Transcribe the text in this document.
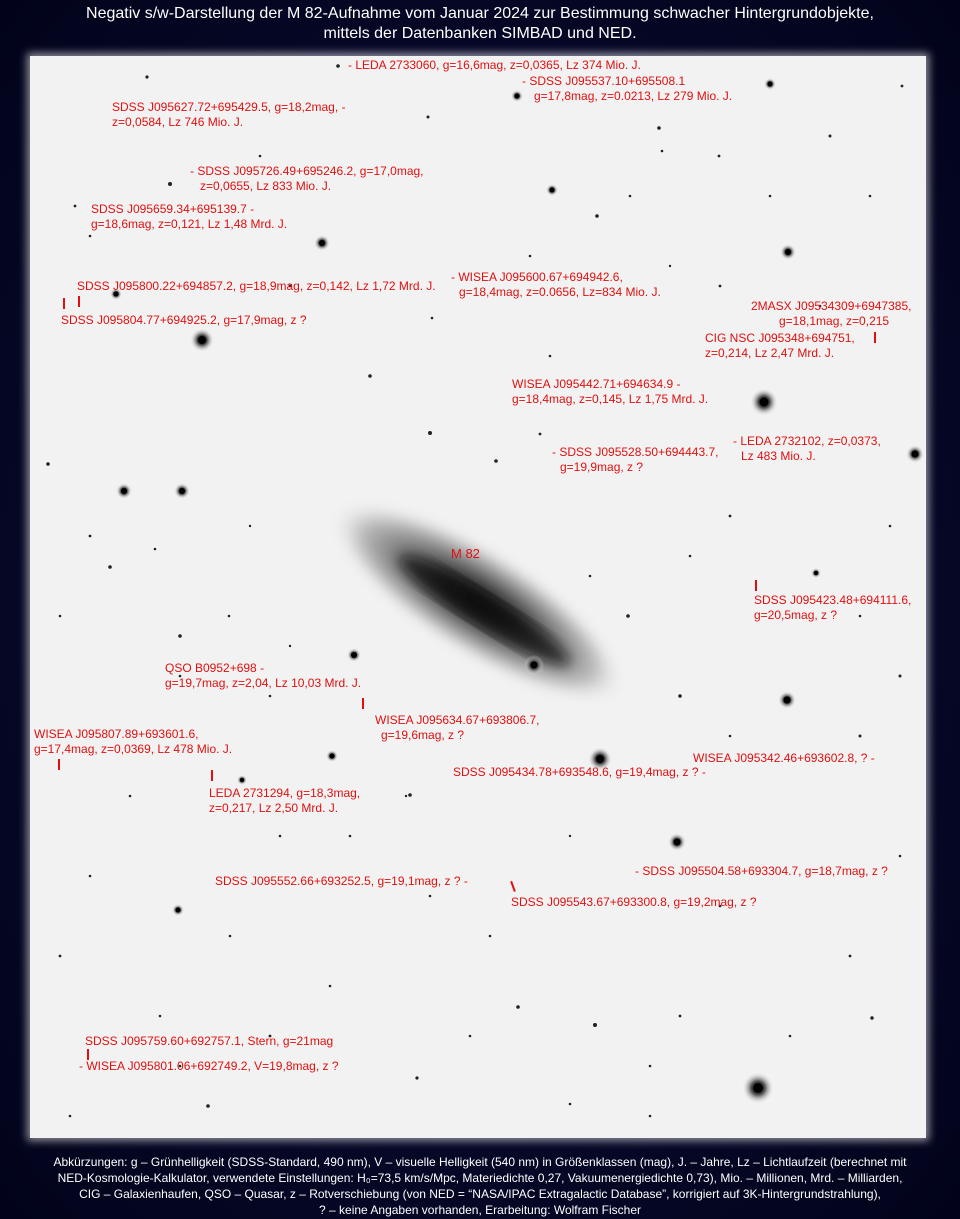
Negativ s/w-Darstellung der M 82-Aufnahme vom Januar 2024 zur Bestimmung schwacher Hintergrundobjekte,
mittels der Datenbanken SIMBAD und NED.
- LEDA 2733060, g=16,6mag, z=0,0365, Lz 374 Mio. J.
- SDSS J095537.10+695508.1
g=17,8mag, z=0.0213, Lz 279 Mio. J.
SDSS J095627.72+695429.5, g=18,2mag, -
z=0,0584, Lz 746 Mio. J.
- SDSS J095726.49+695246.2, g=17,0mag,
z=0,0655, Lz 833 Mio. J.
SDSS J095659.34+695139.7 -
g=18,6mag, z=0,121, Lz 1,48 Mrd. J.
SDSS J095800.22+694857.2, g=18,9mag, z=0,142, Lz 1,72 Mrd. J.
SDSS J095804.77+694925.2, g=17,9mag, z ?
- WISEA J095600.67+694942.6,
g=18,4mag, z=0.0656, Lz=834 Mio. J.
2MASX J09534309+6947385,
g=18,1mag, z=0,215
CIG NSC J095348+694751,
z=0,214, Lz 2,47 Mrd. J.
WISEA J095442.71+694634.9 -
g=18,4mag, z=0,145, Lz 1,75 Mrd. J.
- LEDA 2732102, z=0,0373,
Lz 483 Mio. J.
- SDSS J095528.50+694443.7,
g=19,9mag, z ?
M 82
SDSS J095423.48+694111.6,
g=20,5mag, z ?
QSO B0952+698 -
g=19,7mag, z=2,04, Lz 10,03 Mrd. J.
WISEA J095634.67+693806.7,
g=19,6mag, z ?
WISEA J095807.89+693601.6,
g=17,4mag, z=0,0369, Lz 478 Mio. J.
WISEA J095342.46+693602.8, ? -
SDSS J095434.78+693548.6, g=19,4mag, z ? -
LEDA 2731294, g=18,3mag,
z=0,217, Lz 2,50 Mrd. J.
- SDSS J095504.58+693304.7, g=18,7mag, z ?
SDSS J095552.66+693252.5, g=19,1mag, z ? -
SDSS J095543.67+693300.8, g=19,2mag, z ?
SDSS J095759.60+692757.1, Stern, g=21mag
- WISEA J095801.06+692749.2, V=19,8mag, z ?
Abkürzungen: g – Grünhelligkeit (SDSS-Standard, 490 nm), V – visuelle Helligkeit (540 nm) in Größenklassen (mag), J. – Jahre, Lz – Lichtlaufzeit (berechnet mit
NED-Kosmologie-Kalkulator, verwendete Einstellungen: H₀=73,5 km/s/Mpc, Materiedichte 0,27, Vakuumenergiedichte 0,73), Mio. – Millionen, Mrd. – Milliarden,
CIG – Galaxienhaufen, QSO – Quasar, z – Rotverschiebung (von NED = “NASA/IPAC Extragalactic Database”, korrigiert auf 3K-Hintergrundstrahlung),
? – keine Angaben vorhanden, Erarbeitung: Wolfram Fischer
